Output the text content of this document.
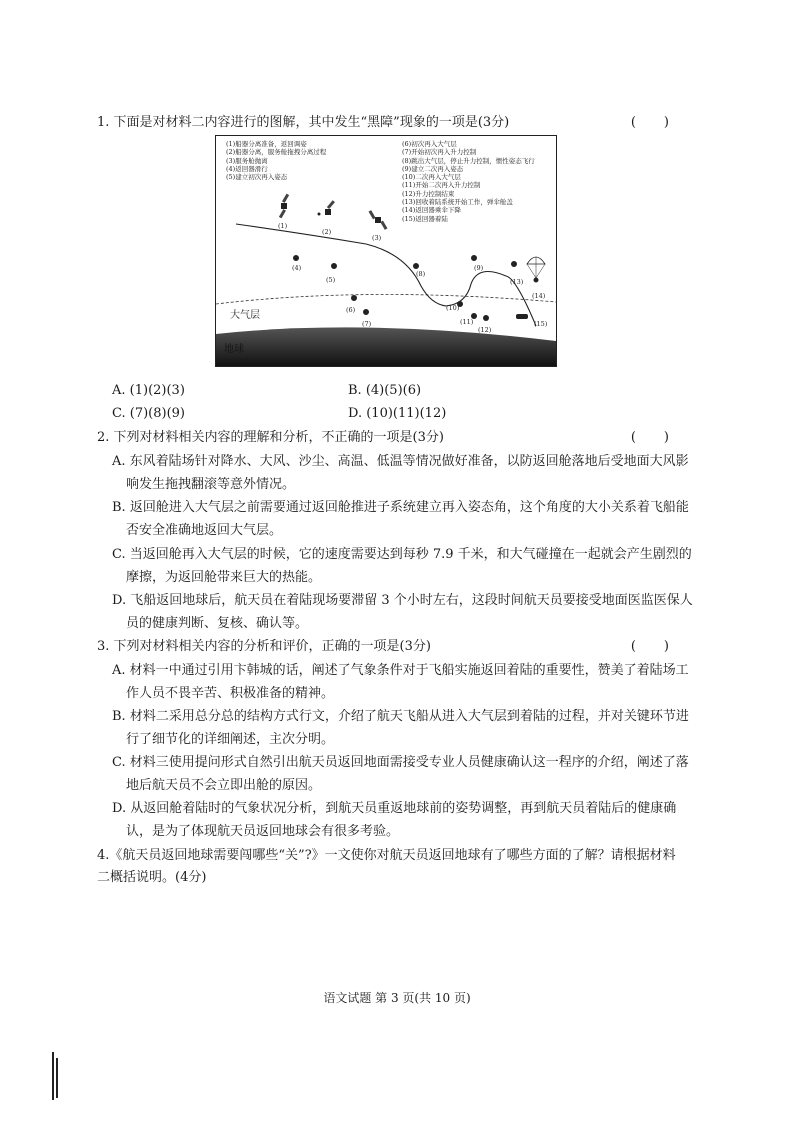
1. 下面是对材料二内容进行的图解，其中发生“黑障”现象的一项是(3分)	()
(1)船器分离准备，返回调姿
(2)船器分离，服务舱拖拽分离过程
(3)服务舱抛离
(4)返回器滑行
(5)建立初次再入姿态
(6)初次再入大气层
(7)开始初次再入升力控制
(8)跳出大气层，停止升力控制，惯性姿态飞行
(9)建立二次再入姿态
(10)二次再入大气层
(11)开始二次再入升力控制
(12)升力控制结束
(13)回收着陆系统开始工作，弹伞舱盖
(14)返回器乘伞下降
(15)返回器着陆
(1)
(2)
(3)
(4)
(5)
(6)
(7)
(8)
(9)
(10)
(11)
(12)
(13)
(14)
(15)
大气层
地球
A. (1)(2)(3)	B. (4)(5)(6)
C. (7)(8)(9)	D. (10)(11)(12)
2. 下列对材料相关内容的理解和分析，不正确的一项是(3分)	()
A. 东风着陆场针对降水、大风、沙尘、高温、低温等情况做好准备，以防返回舱落地后受地面大风影响发生拖拽翻滚等意外情况。
B. 返回舱进入大气层之前需要通过返回舱推进子系统建立再入姿态角，这个角度的大小关系着飞船能否安全准确地返回大气层。
C. 当返回舱再入大气层的时候，它的速度需要达到每秒 7.9 千米，和大气碰撞在一起就会产生剧烈的摩擦，为返回舱带来巨大的热能。
D. 飞船返回地球后，航天员在着陆现场要滞留 3 个小时左右，这段时间航天员要接受地面医监医保人员的健康判断、复核、确认等。
3. 下列对材料相关内容的分析和评价，正确的一项是(3分)	()
A. 材料一中通过引用卞韩城的话，阐述了气象条件对于飞船实施返回着陆的重要性，赞美了着陆场工作人员不畏辛苦、积极准备的精神。
B. 材料二采用总分总的结构方式行文，介绍了航天飞船从进入大气层到着陆的过程，并对关键环节进行了细节化的详细阐述，主次分明。
C. 材料三使用提问形式自然引出航天员返回地面需接受专业人员健康确认这一程序的介绍，阐述了落地后航天员不会立即出舱的原因。
D. 从返回舱着陆时的气象状况分析，到航天员重返地球前的姿势调整，再到航天员着陆后的健康确认，是为了体现航天员返回地球会有很多考验。
4.《航天员返回地球需要闯哪些“关”?》一文使你对航天员返回地球有了哪些方面的了解？请根据材料二概括说明。(4分)
语文试题 第 3 页(共 10 页)
